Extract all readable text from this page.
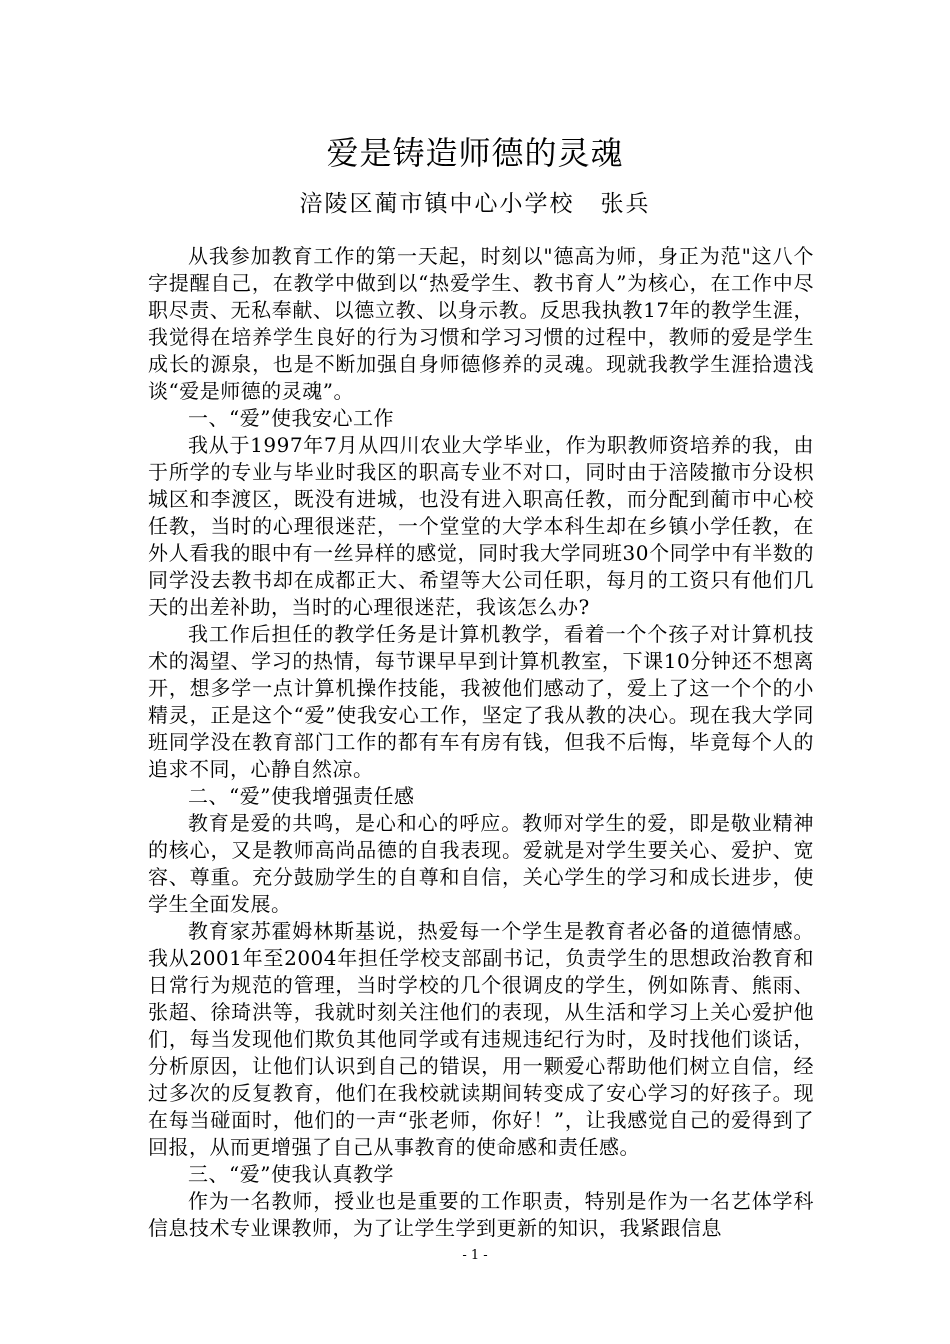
爱是铸造师德的灵魂
涪陵区蔺市镇中心小学校 张兵

从我参加教育工作的第一天起，时刻以"德高为师，身正为范"这八个字提醒自己，在教学中做到以“热爱学生、教书育人”为核心，在工作中尽职尽责、无私奉献、以德立教、以身示教。反思我执教17年的教学生涯，我觉得在培养学生良好的行为习惯和学习习惯的过程中，教师的爱是学生成长的源泉，也是不断加强自身师德修养的灵魂。现就我教学生涯拾遗浅谈“爱是师德的灵魂”。

一、“爱”使我安心工作

我从于1997年7月从四川农业大学毕业，作为职教师资培养的我，由于所学的专业与毕业时我区的职高专业不对口，同时由于涪陵撤市分设枳城区和李渡区，既没有进城，也没有进入职高任教，而分配到蔺市中心校任教，当时的心理很迷茫，一个堂堂的大学本科生却在乡镇小学任教，在外人看我的眼中有一丝异样的感觉，同时我大学同班30个同学中有半数的同学没去教书却在成都正大、希望等大公司任职，每月的工资只有他们几天的出差补助，当时的心理很迷茫，我该怎么办?

我工作后担任的教学任务是计算机教学，看着一个个孩子对计算机技术的渴望、学习的热情，每节课早早到计算机教室，下课10分钟还不想离开，想多学一点计算机操作技能，我被他们感动了，爱上了这一个个的小精灵，正是这个“爱”使我安心工作，坚定了我从教的决心。现在我大学同班同学没在教育部门工作的都有车有房有钱，但我不后悔，毕竟每个人的追求不同，心静自然凉。

二、“爱”使我增强责任感

教育是爱的共鸣，是心和心的呼应。教师对学生的爱，即是敬业精神的核心，又是教师高尚品德的自我表现。爱就是对学生要关心、爱护、宽容、尊重。充分鼓励学生的自尊和自信，关心学生的学习和成长进步，使学生全面发展。

教育家苏霍姆林斯基说，热爱每一个学生是教育者必备的道德情感。我从2001年至2004年担任学校支部副书记，负责学生的思想政治教育和日常行为规范的管理，当时学校的几个很调皮的学生，例如陈青、熊雨、张超、徐琦洪等，我就时刻关注他们的表现，从生活和学习上关心爱护他们，每当发现他们欺负其他同学或有违规违纪行为时，及时找他们谈话，分析原因，让他们认识到自己的错误，用一颗爱心帮助他们树立自信，经过多次的反复教育，他们在我校就读期间转变成了安心学习的好孩子。现在每当碰面时，他们的一声“张老师，你好！”，让我感觉自己的爱得到了回报，从而更增强了自己从事教育的使命感和责任感。

三、“爱”使我认真教学

作为一名教师，授业也是重要的工作职责，特别是作为一名艺体学科信息技术专业课教师，为了让学生学到更新的知识，我紧跟信息

- 1 -
